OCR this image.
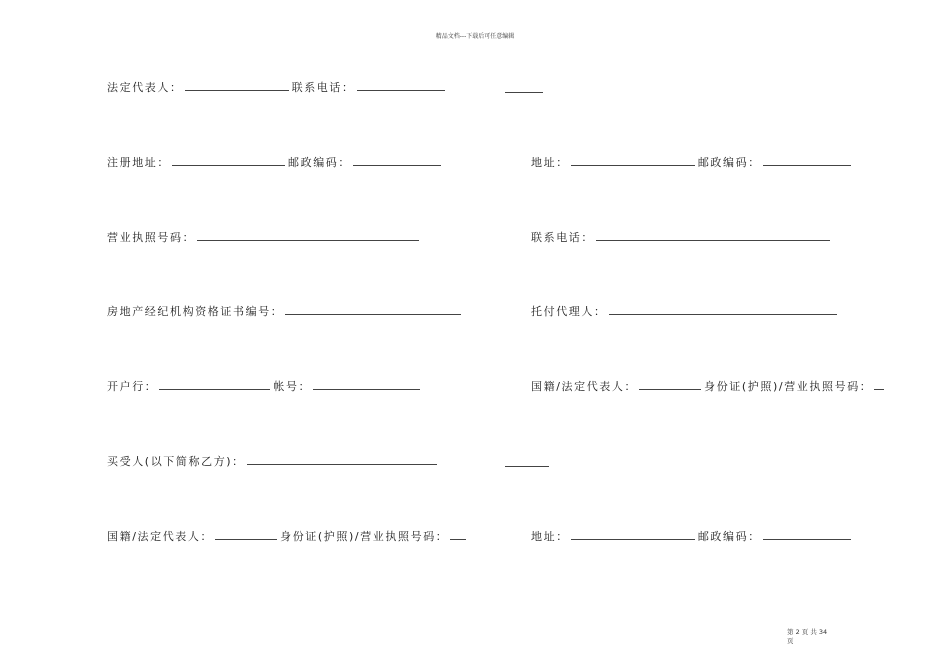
精品文档---下载后可任意编辑
法定代表人：	联系电话：
注册地址：	邮政编码：	地址：	邮政编码：
营业执照号码：	联系电话：
房地产经纪机构资格证书编号：	托付代理人：
开户行：	帐号：	国籍/法定代表人：	身份证(护照)/营业执照号码：
买受人(以下简称乙方)：
国籍/法定代表人：	身份证(护照)/营业执照号码：	地址：	邮政编码：
第 2 页 共 34
页
